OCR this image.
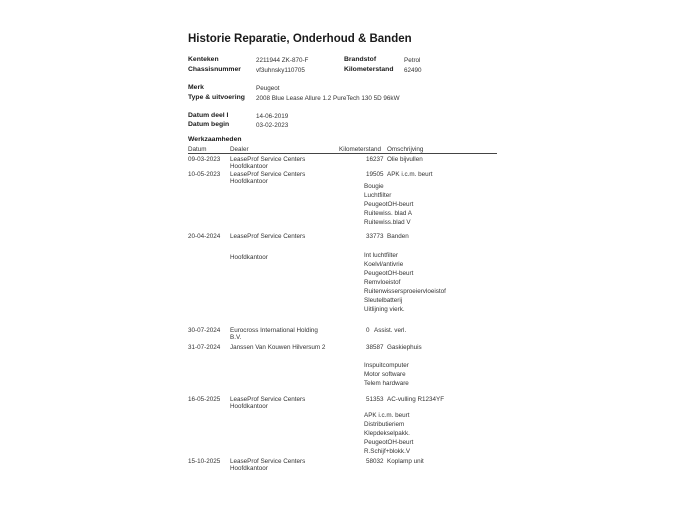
Historie Reparatie, Onderhoud & Banden
Kenteken	2211944 ZK-870-F	Brandstof	Petrol
Chassisnummer vf3uhnsky110705	Kilometerstand 62490
Merk	Peugeot
Type & uitvoering 2008 Blue Lease Allure 1.2 PureTech 130 5D 96kW
Datum deel I	14-06-2019
Datum begin	03-02-2023
Werkzaamheden
Datum	Dealer	Kilometerstand Omschrijving
09-03-2023 LeaseProf Service Centers
Hoofdkantoor
16237 Olie bijvullen
10-05-2023 LeaseProf Service Centers
Hoofdkantoor
19505 APK i.c.m. beurt
Bougie
Luchtfilter
PeugeotOH-beurt
Ruitewiss. blad A
Ruitewiss.blad V
20-04-2024 LeaseProf Service Centers	33773 Banden
Hoofdkantoor	Int luchtfilter
Koelvl/antivrie
PeugeotOH-beurt
Remvloeistof
Ruitenwissersproeiervloeistof
Sleutelbatterij
Uitlijning vierk.
30-07-2024 Eurocross International Holding
B.V.
0 Assist. verl.
31-07-2024 Janssen Van Kouwen Hilversum 2	38587 Gaskiephuis
Inspuitcomputer
Motor software
Telem hardware
16-05-2025 LeaseProf Service Centers
Hoofdkantoor
51353 AC-vulling R1234YF
APK i.c.m. beurt
Distributieriem
Klepdekselpakk.
PeugeotOH-beurt
R.Schijf+blokk.V
15-10-2025 LeaseProf Service Centers
Hoofdkantoor
58032 Koplamp unit
